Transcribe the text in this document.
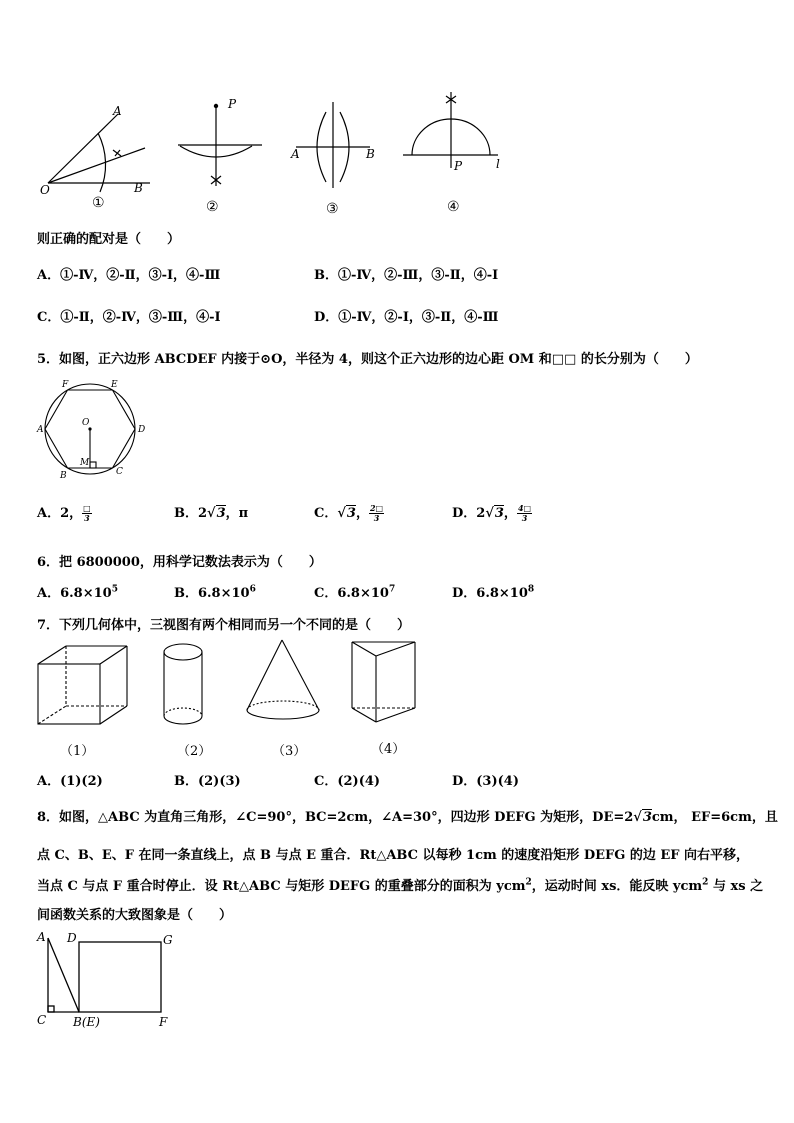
A
O	B
①
P
②
A	B
③
P	l
④
则正确的配对是（　　）
A．①-Ⅳ，②-Ⅱ，③-Ⅰ，④-Ⅲ	B．①-Ⅳ，②-Ⅲ，③-Ⅱ，④-Ⅰ
C．①-Ⅱ，②-Ⅳ，③-Ⅲ，④-Ⅰ	D．①-Ⅳ，②-Ⅰ，③-Ⅱ，④-Ⅲ
5．如图，正六边形 ABCDEF 内接于⊙O，半径为 4，则这个正六边形的边心距 OM 和□□ 的长分别为（　　）
F	E
A	D
O
M
B	C
A．2， $\frac{□}{3}$	B．2√3，π	C．√3， $\frac{2□}{3}$	D．2√3， $\frac{4□}{3}$
6．把 6800000，用科学记数法表示为（　　）
A．$6.8\times 10^5$	B．$6.8\times 10^6$	C．$6.8\times 10^7$	D．$6.8\times 10^8$
7．下列几何体中，三视图有两个相同而另一个不同的是（　　）
（1）	（2）	（3）	（4）
A．(1)(2)	B．(2)(3)	C．(2)(4)	D．(3)(4)
8．如图，△ABC 为直角三角形，∠C=90°，BC=2cm，∠A=30°，四边形 DEFG 为矩形，DE=2√3cm， EF=6cm，且
点 C、B、E、F 在同一条直线上，点 B 与点 E 重合．Rt△ABC 以每秒 1cm 的速度沿矩形 DEFG 的边 EF 向右平移，
当点 C 与点 F 重合时停止．设 Rt△ABC 与矩形 DEFG 的重叠部分的面积为 ycm$^2$，运动时间 xs．能反映 ycm$^2$ 与 xs 之
间函数关系的大致图象是（　　）
A D	G
C B(E)	F
